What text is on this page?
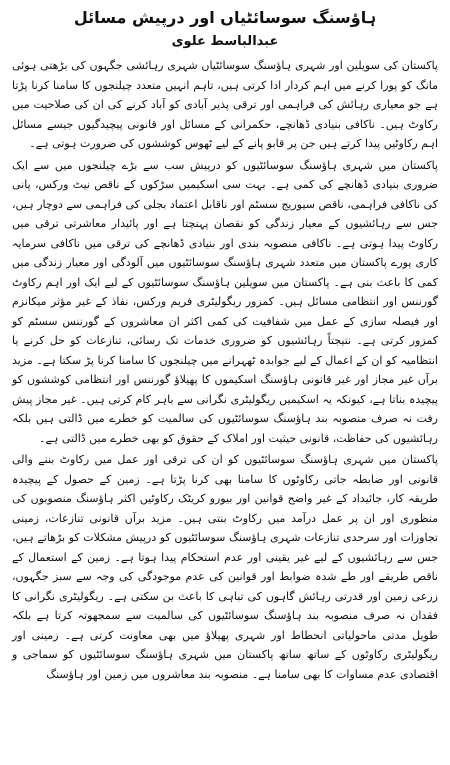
ہاؤسنگ سوسائٹیاں اور درپیش مسائل
عبدالباسط علوی

پاکستان کی سویلین اور شہری ہاؤسنگ سوسائٹیاں شہری رہائشی جگہوں کی بڑھتی ہوئی مانگ کو پورا کرنے میں اہم کردار ادا کرتی ہیں، تاہم انہیں متعدد چیلنجوں کا سامنا کرنا پڑتا ہے جو معیاری رہائش کی فراہمی اور ترقی پذیر آبادی کو آباد کرنے کی ان کی صلاحیت میں رکاوٹ ہیں۔ ناکافی بنیادی ڈھانچے، حکمرانی کے مسائل اور قانونی پیچیدگیوں جیسے مسائل اہم رکاوٹیں پیدا کرتے ہیں جن پر قابو پانے کے لیے ٹھوس کوششوں کی ضرورت ہوتی ہے۔

پاکستان میں شہری ہاؤسنگ سوسائٹیوں کو درپیش سب سے بڑے چیلنجوں میں سے ایک ضروری بنیادی ڈھانچے کی کمی ہے۔ بہت سی اسکیمیں سڑکوں کے ناقص نیٹ ورکس، پانی کی ناکافی فراہمی، ناقص سیوریج سسٹم اور ناقابل اعتماد بجلی کی فراہمی سے دوچار ہیں، جس سے رہائشیوں کے معیار زندگی کو نقصان پہنچتا ہے اور پائیدار معاشرتی ترقی میں رکاوٹ پیدا ہوتی ہے۔ ناکافی منصوبہ بندی اور بنیادی ڈھانچے کی ترقی میں ناکافی سرمایہ کاری پورے پاکستان میں متعدد شہری ہاؤسنگ سوسائٹیوں میں آلودگی اور معیار زندگی میں کمی کا باعث بنی ہے۔ پاکستان میں سویلین ہاؤسنگ سوسائٹیوں کے لیے ایک اور اہم رکاوٹ گورننس اور انتظامی مسائل ہیں۔ کمزور ریگولیٹری فریم ورکس، نفاذ کے غیر مؤثر میکانزم اور فیصلہ سازی کے عمل میں شفافیت کی کمی اکثر ان معاشروں کے گورننس سسٹم کو کمزور کرتی ہے۔ نتیجتاً رہائشیوں کو ضروری خدمات تک رسائی، تنازعات کو حل کرنے یا انتظامیہ کو ان کے اعمال کے لیے جوابدہ ٹھہرانے میں چیلنجوں کا سامنا کرنا پڑ سکتا ہے۔ مزید برآں غیر مجاز اور غیر قانونی ہاؤسنگ اسکیموں کا پھیلاؤ گورننس اور انتظامی کوششوں کو پیچیدہ بناتا ہے، کیونکہ یہ اسکیمیں ریگولیٹری نگرانی سے باہر کام کرتی ہیں۔ غیر مجاز پیش رفت نہ صرف منصوبہ بند ہاؤسنگ سوسائٹیوں کی سالمیت کو خطرے میں ڈالتی ہیں بلکہ رہائشیوں کی حفاظت، قانونی حیثیت اور املاک کے حقوق کو بھی خطرے میں ڈالتی ہے۔

پاکستان میں شہری ہاؤسنگ سوسائٹیوں کو ان کی ترقی اور عمل میں رکاوٹ بننے والی قانونی اور ضابطہ جاتی رکاوٹوں کا سامنا بھی کرنا پڑتا ہے۔ زمین کے حصول کے پیچیدہ طریقہ کار، جائیداد کے غیر واضح قوانین اور بیورو کریٹک رکاوٹیں اکثر ہاؤسنگ منصوبوں کی منظوری اور ان پر عمل درآمد میں رکاوٹ بنتی ہیں۔ مزید برآں قانونی تنازعات، زمینی تجاوزات اور سرحدی تنازعات شہری ہاؤسنگ سوسائٹیوں کو درپیش مشکلات کو بڑھاتے ہیں، جس سے رہائشیوں کے لیے غیر یقینی اور عدم استحکام پیدا ہوتا ہے۔ زمین کے استعمال کے ناقص طریقے اور طے شدہ ضوابط اور قوانین کی عدم موجودگی کی وجہ سے سبز جگہوں، زرعی زمین اور قدرتی رہائش گاہوں کی تباہی کا باعث بن سکتی ہے۔ ریگولیٹری نگرانی کا فقدان نہ صرف منصوبہ بند ہاؤسنگ سوسائٹیوں کی سالمیت سے سمجھوتہ کرتا ہے بلکہ طویل مدتی ماحولیاتی انحطاط اور شہری پھیلاؤ میں بھی معاونت کرتی ہے۔ زمینی اور ریگولیٹری رکاوٹوں کے ساتھ ساتھ پاکستان میں شہری ہاؤسنگ سوسائٹیوں کو سماجی و اقتصادی عدم مساوات کا بھی سامنا ہے۔ منصوبہ بند معاشروں میں زمین اور ہاؤسنگ
